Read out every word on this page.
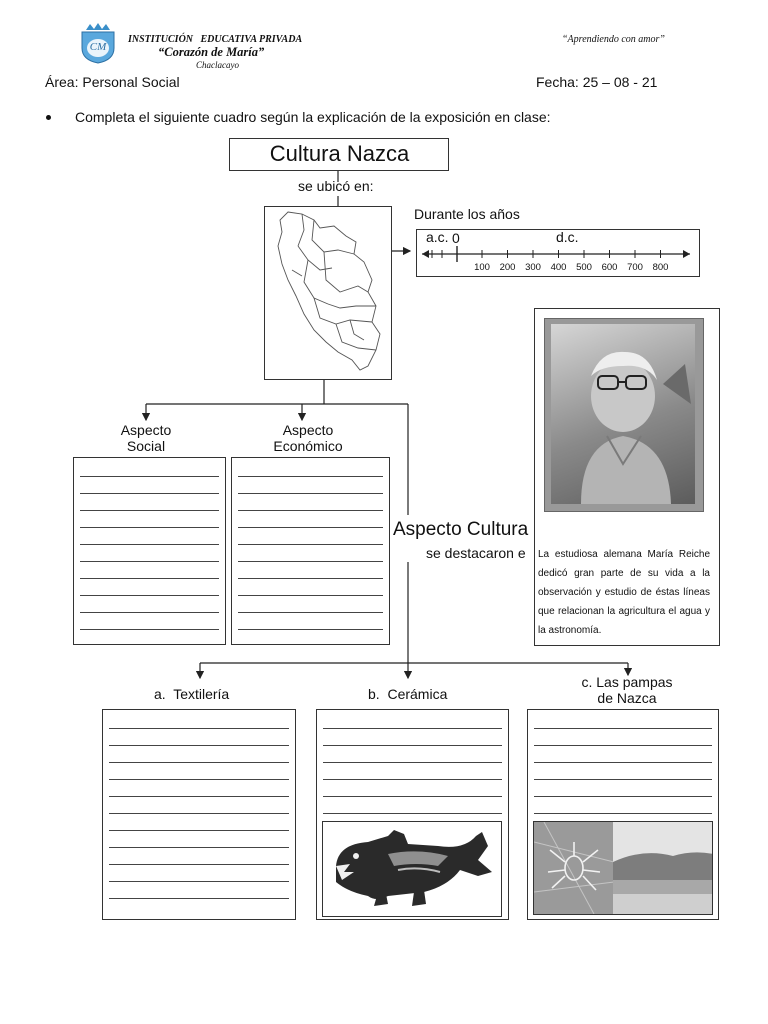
CM
INSTITUCIÓN   EDUCATIVA PRIVADA
“Corazón de María”
Chaclacayo
“Aprendiendo con amor”
Área: Personal Social	Fecha: 25 – 08 - 21
Completa el siguiente cuadro según la explicación de la exposición en clase:
Cultura Nazca
se ubicó en:
Durante los años
100 200 300 400 500 600 700 800
a.c. 0	d.c.
La estudiosa alemana María Reiche dedicó gran parte de su vida a la observación y estudio de éstas líneas que relacionan la agricultura el agua y la astronomía.
Aspecto
Social
Aspecto
Económico
Aspecto Cultura
se destacaron e
a.  Textilería	b.  Cerámica
c. Las pampas
de Nazca
